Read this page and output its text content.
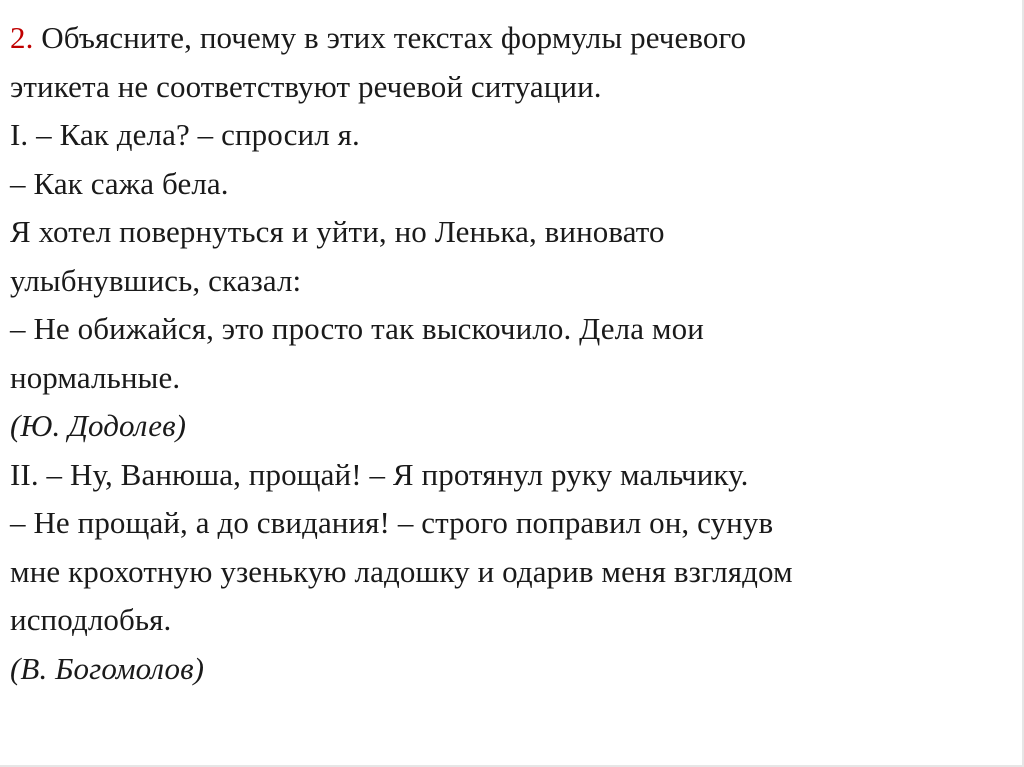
2. Объясните, почему в этих текстах формулы речевого
этикета не соответствуют речевой ситуации.
I. – Как дела? – спросил я.
– Как сажа бела.
Я хотел повернуться и уйти, но Ленька, виновато
улыбнувшись, сказал:
– Не обижайся, это просто так выскочило. Дела мои
нормальные.
(Ю. Додолев)
II. – Ну, Ванюша, прощай! – Я протянул руку мальчику.
– Не прощай, а до свидания! – строго поправил он, сунув
мне крохотную узенькую ладошку и одарив меня взглядом
исподлобья.
(В. Богомолов)
